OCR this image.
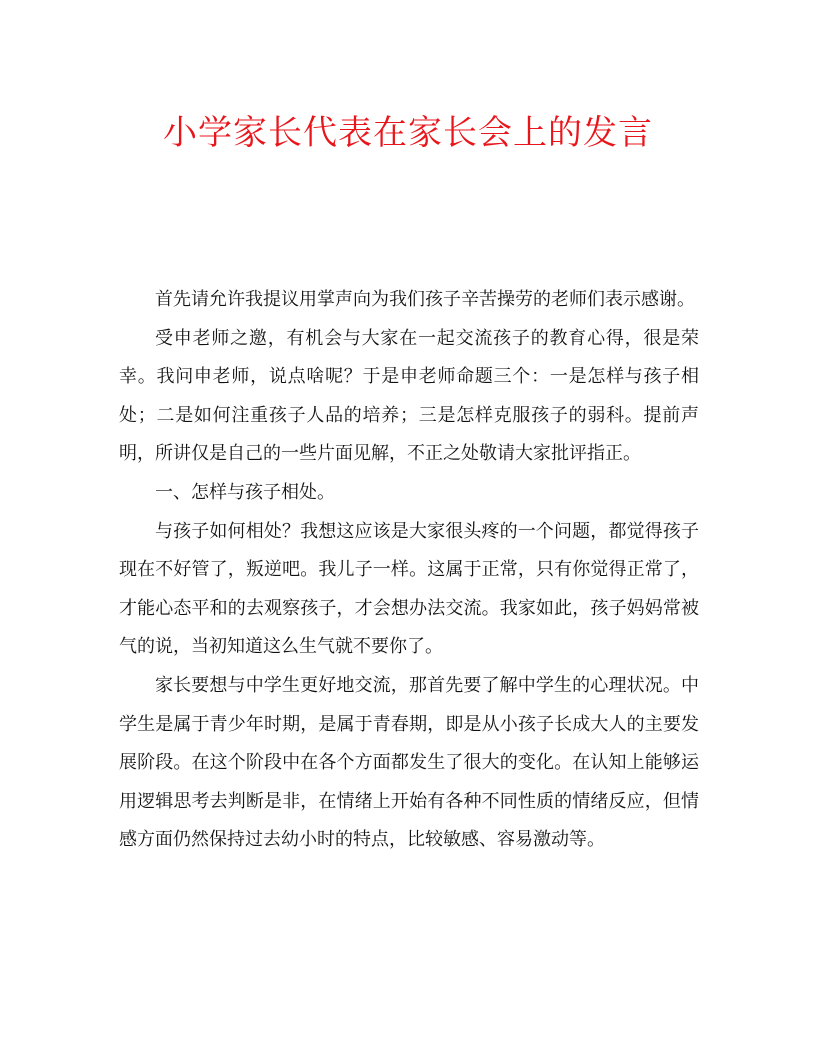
小学家长代表在家长会上的发言

首先请允许我提议用掌声向为我们孩子辛苦操劳的老师们表示感谢。

受申老师之邀，有机会与大家在一起交流孩子的教育心得，很是荣幸。我问申老师，说点啥呢？于是申老师命题三个：一是怎样与孩子相处；二是如何注重孩子人品的培养；三是怎样克服孩子的弱科。提前声明，所讲仅是自己的一些片面见解，不正之处敬请大家批评指正。

一、怎样与孩子相处。

与孩子如何相处？我想这应该是大家很头疼的一个问题，都觉得孩子现在不好管了，叛逆吧。我儿子一样。这属于正常，只有你觉得正常了，才能心态平和的去观察孩子，才会想办法交流。我家如此，孩子妈妈常被气的说，当初知道这么生气就不要你了。

家长要想与中学生更好地交流，那首先要了解中学生的心理状况。中学生是属于青少年时期，是属于青春期，即是从小孩子长成大人的主要发展阶段。在这个阶段中在各个方面都发生了很大的变化。在认知上能够运用逻辑思考去判断是非，在情绪上开始有各种不同性质的情绪反应，但情感方面仍然保持过去幼小时的特点，比较敏感、容易激动等。
